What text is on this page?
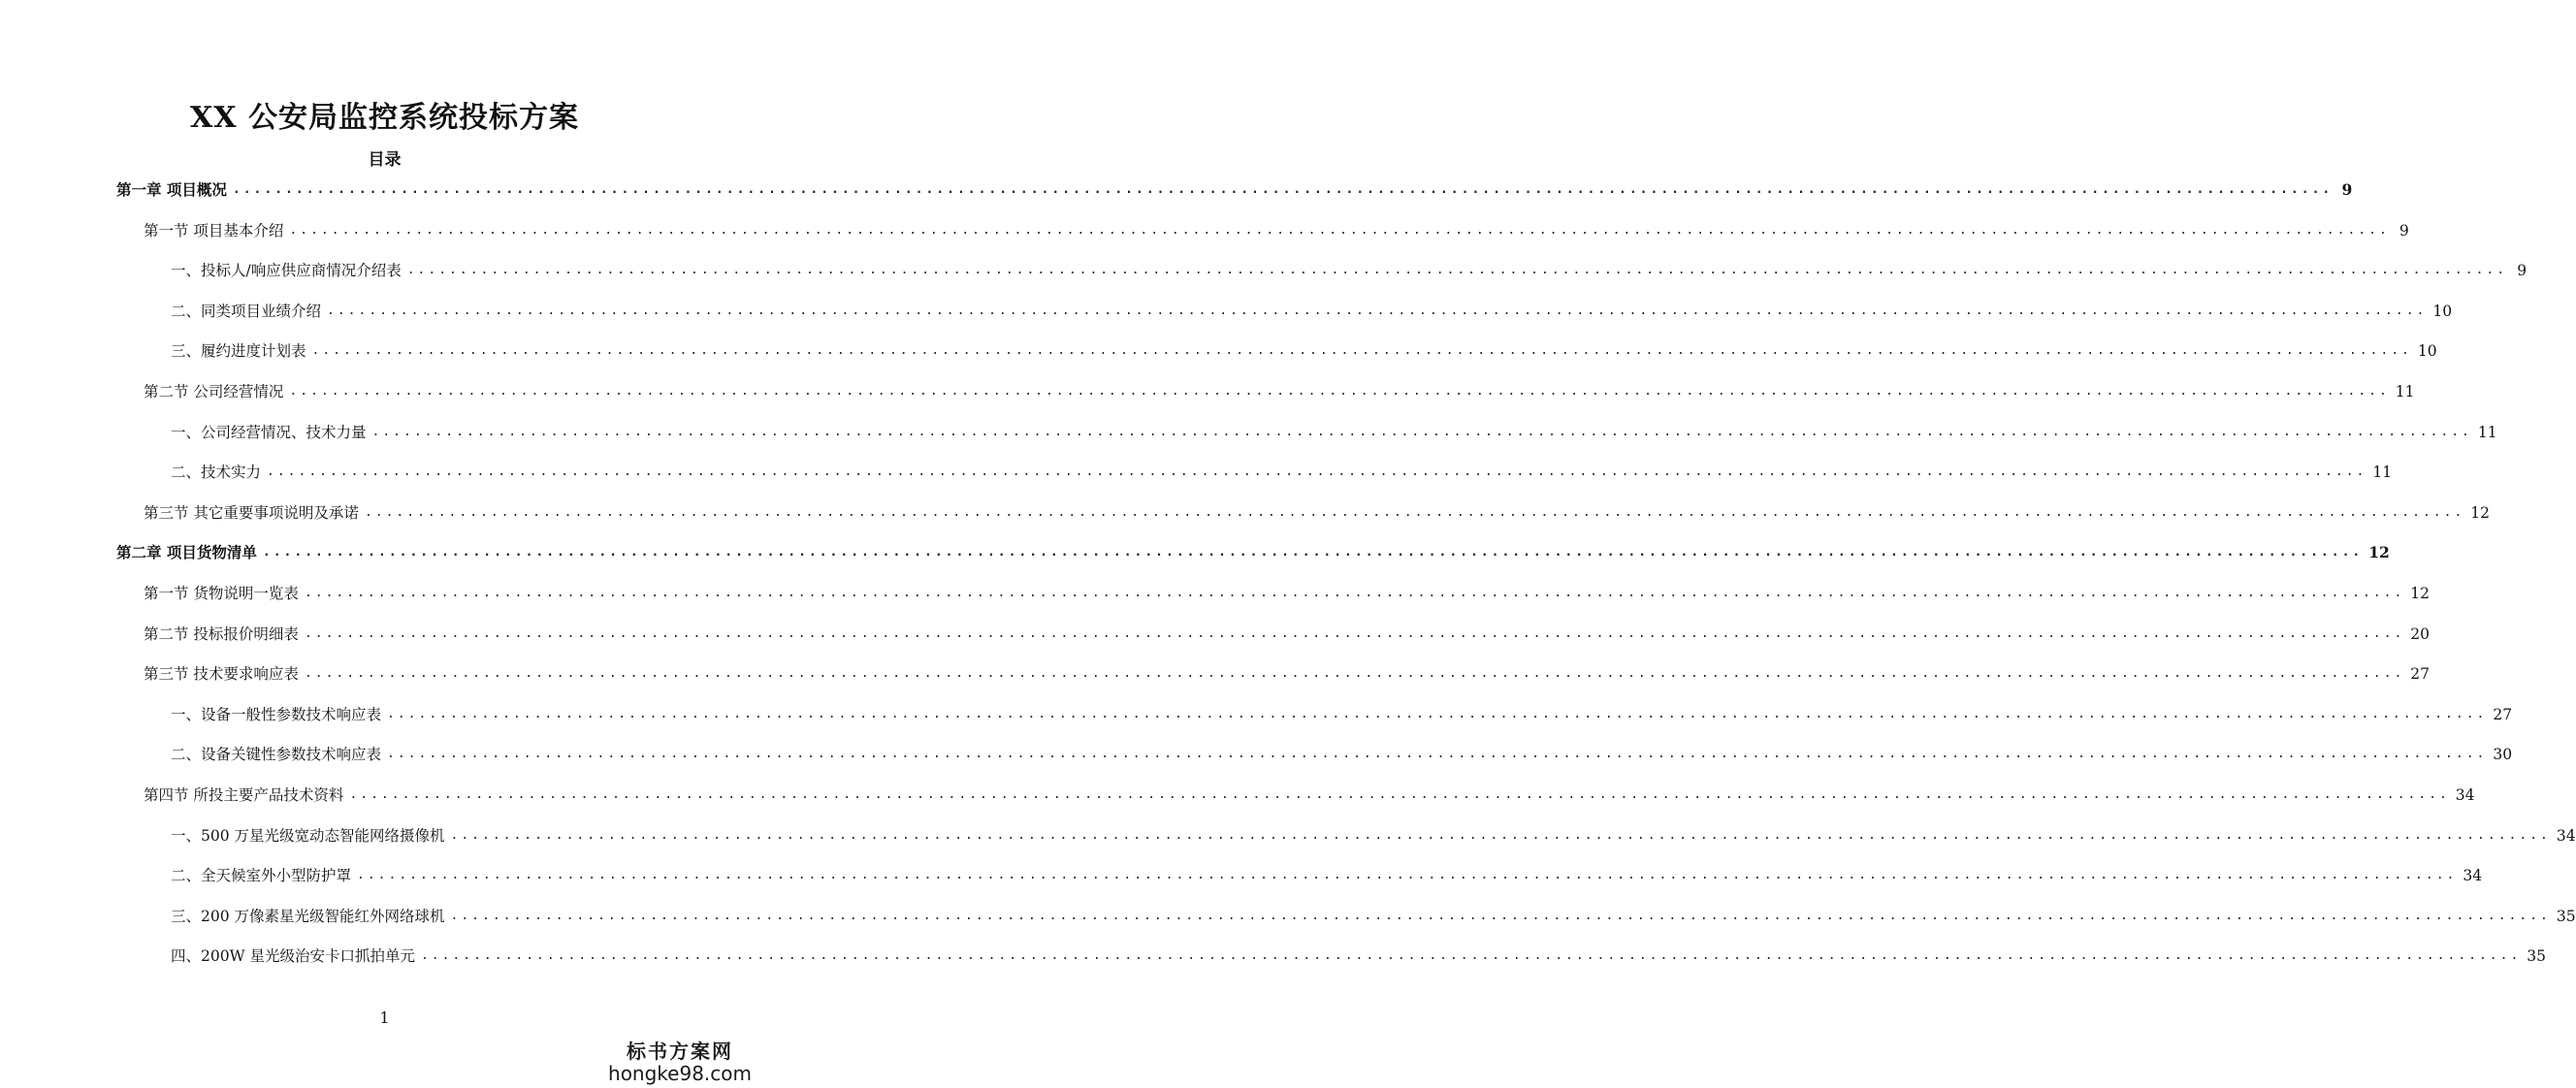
XX 公安局监控系统投标方案
目录
第一章 项目概况 ........................................................................................................................................................................................................ 9
第一节 项目基本介绍 ........................................................................................................................................................................................................ 9
一、投标人/响应供应商情况介绍表 ........................................................................................................................................................................................................ 9
二、同类项目业绩介绍 ........................................................................................................................................................................................................ 10
三、履约进度计划表 ........................................................................................................................................................................................................ 10
第二节 公司经营情况 ........................................................................................................................................................................................................ 11
一、公司经营情况、技术力量 ........................................................................................................................................................................................................ 11
二、技术实力 ........................................................................................................................................................................................................ 11
第三节 其它重要事项说明及承诺 ........................................................................................................................................................................................................ 12
第二章 项目货物清单 ........................................................................................................................................................................................................ 12
第一节 货物说明一览表 ........................................................................................................................................................................................................ 12
第二节 投标报价明细表 ........................................................................................................................................................................................................ 20
第三节 技术要求响应表 ........................................................................................................................................................................................................ 27
一、设备一般性参数技术响应表 ........................................................................................................................................................................................................ 27
二、设备关键性参数技术响应表 ........................................................................................................................................................................................................ 30
第四节 所投主要产品技术资料 ........................................................................................................................................................................................................ 34
一、500 万星光级宽动态智能网络摄像机 ........................................................................................................................................................................................................ 34
二、全天候室外小型防护罩 ........................................................................................................................................................................................................ 34
三、200 万像素星光级智能红外网络球机 ........................................................................................................................................................................................................ 35
四、200W 星光级治安卡口抓拍单元 ........................................................................................................................................................................................................ 35
1
标书方案网
hongke98.com
